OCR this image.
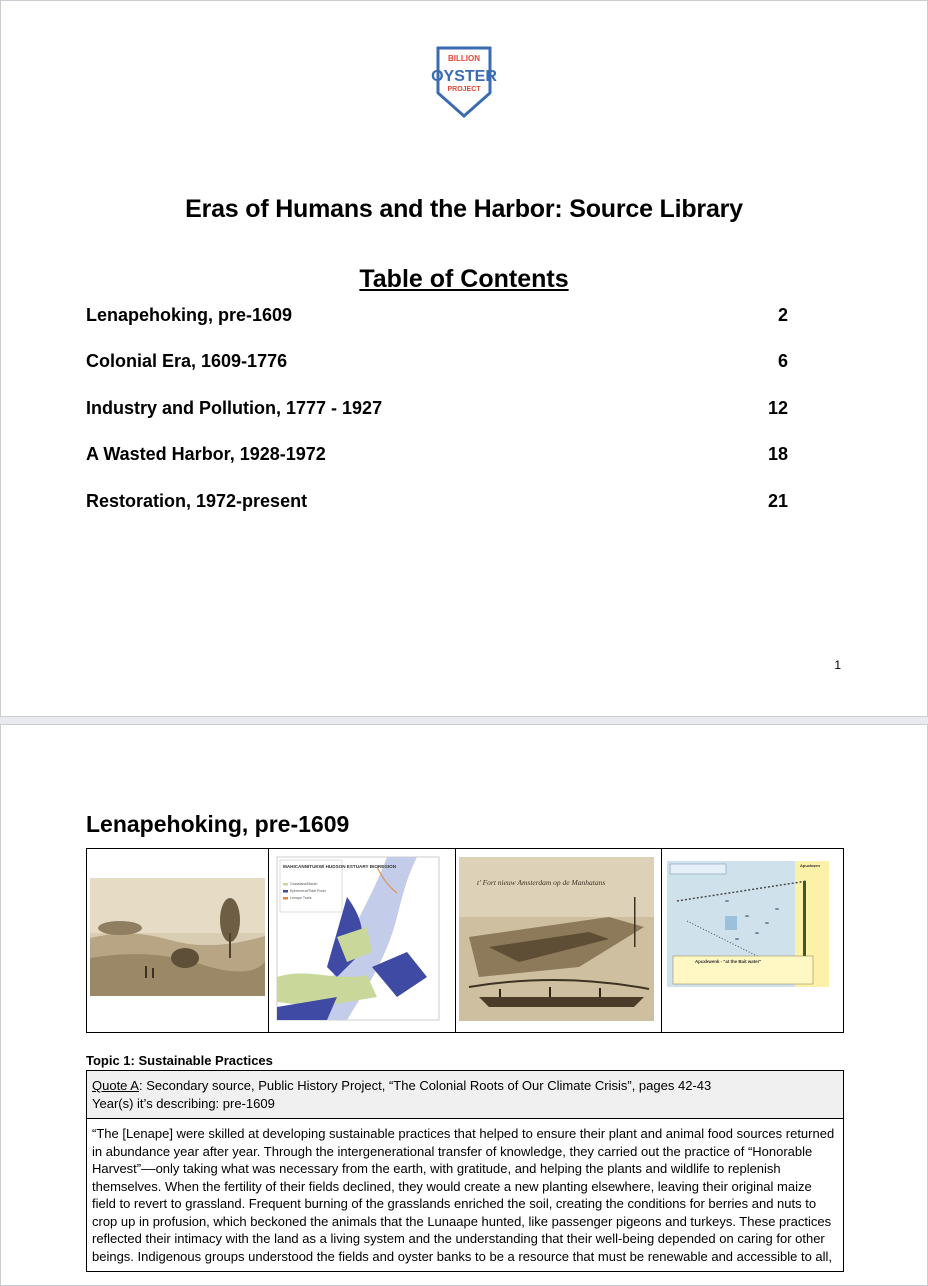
BILLION
OYSTER
PROJECT
Eras of Humans and the Harbor: Source Library
Table of Contents
Lenapehoking, pre-1609	2
Colonial Era, 1609-1776	6
Industry and Pollution, 1777 - 1927	12
A Wasted Harbor, 1928-1972	18
Restoration, 1972-present	21
1
Lenapehoking, pre-1609
MAHICANNITUKW/ HUDSON ESTUARY BIOREGION
Grassland/Marsh
Ephemeral/Tidal Pools
Lenape Trails
t' Fort nieuw Amsterdam op de Manhatans
Apuxkwenk - "at the Bait water"
Apuxkwen
Topic 1: Sustainable Practices
Quote A: Secondary source, Public History Project, “The Colonial Roots of Our Climate Crisis”, pages 42-43
Year(s) it’s describing: pre-1609
“The [Lenape] were skilled at developing sustainable practices that helped to ensure their plant and animal food sources returned in abundance year after year. Through the intergenerational transfer of knowledge, they carried out the practice of “Honorable Harvest”––only taking what was necessary from the earth, with gratitude, and helping the plants and wildlife to replenish themselves. When the fertility of their fields declined, they would create a new planting elsewhere, leaving their original maize field to revert to grassland. Frequent burning of the grasslands enriched the soil, creating the conditions for berries and nuts to crop up in profusion, which beckoned the animals that the Lunaape hunted, like passenger pigeons and turkeys. These practices reflected their intimacy with the land as a living system and the understanding that their well-being depended on caring for other beings. Indigenous groups understood the fields and oyster banks to be a resource that must be renewable and accessible to all,
